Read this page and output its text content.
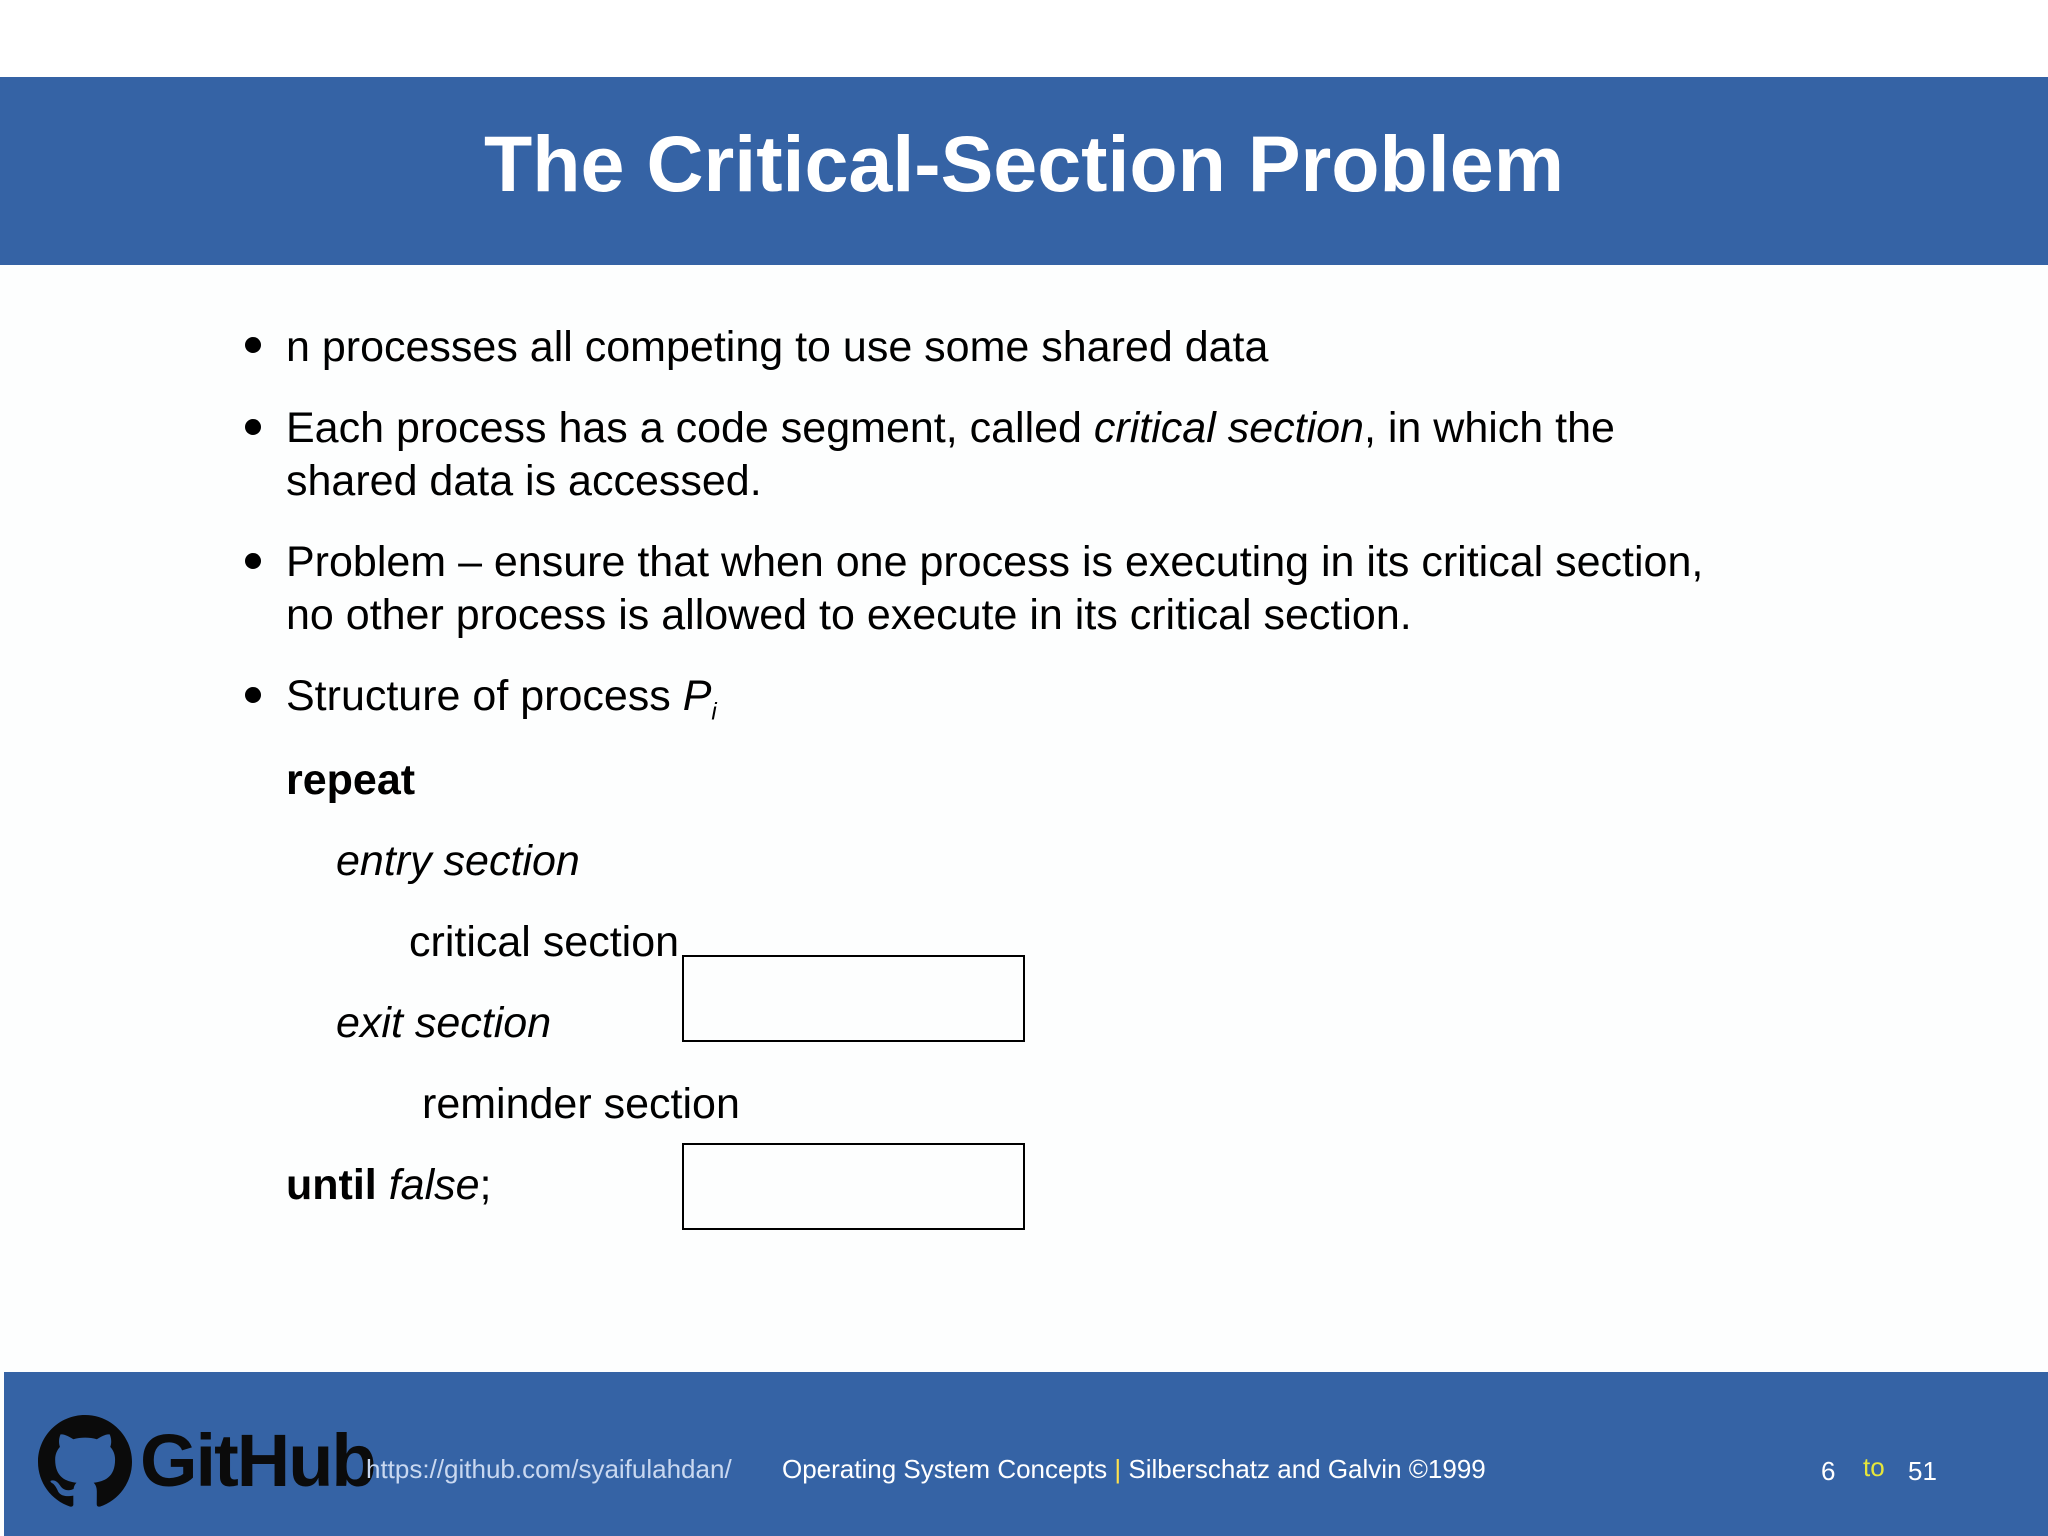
The Critical-Section Problem
n processes all competing to use some shared data
Each process has a code segment, called critical section, in which the
shared data is accessed.
Problem – ensure that when one process is executing in its critical section,
no other process is allowed to execute in its critical section.
Structure of process $P_i$
repeat
entry section
critical section
exit section
reminder section
until false;
GitHub
https://github.com/syaifulahdan/ Operating System Concepts | Silberschatz and Galvin ©1999	6 to 51
